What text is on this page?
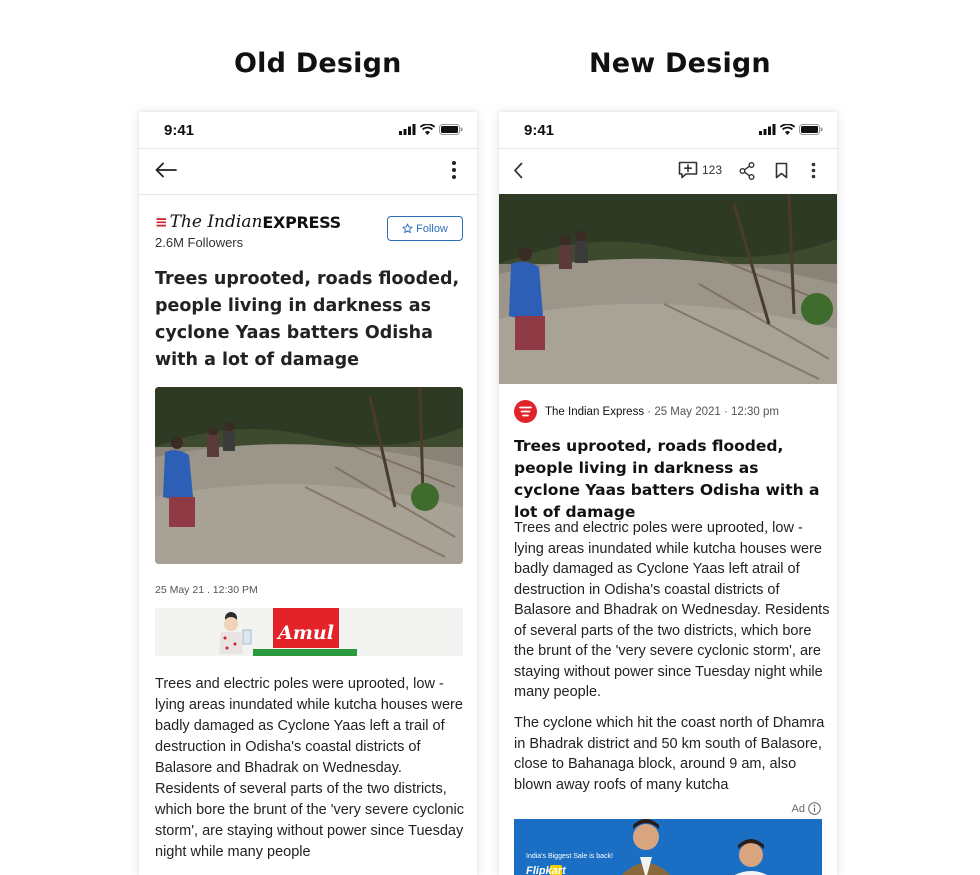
Old Design	New Design
9:41
≡ The Indian EXPRESS
2.6M Followers
Follow
Trees uprooted, roads flooded, people living in darkness as cyclone Yaas batters Odisha with a lot of damage
25 May 21 . 12:30 PM
Amul
Trees and electric poles were uprooted, low - lying areas inundated while kutcha houses were badly damaged as Cyclone Yaas left a trail of destruction in Odisha's coastal districts of Balasore and Bhadrak on Wednesday. Residents of several parts of the two districts, which bore the brunt of the 'very severe cyclonic storm', are staying without power since Tuesday night while many people
9:41
123
The Indian Express · 25 May 2021 · 12:30 pm
Trees uprooted, roads flooded, people living in darkness as cyclone Yaas batters Odisha with a lot of damage
Trees and electric poles were uprooted, low - lying areas inundated while kutcha houses were badly damaged as Cyclone Yaas left atrail of destruction in Odisha's coastal districts of Balasore and Bhadrak on Wednesday. Residents of several parts of the two districts, which bore the brunt of the 'very severe cyclonic storm', are staying without power since Tuesday night while many people.
The cyclone which hit the coast north of Dhamra in Bhadrak district and 50 km south of Balasore, close to Bahanaga block, around 9 am, also blown away roofs of many kutcha
Ad
India's Biggest Sale is back!
Flipkart
